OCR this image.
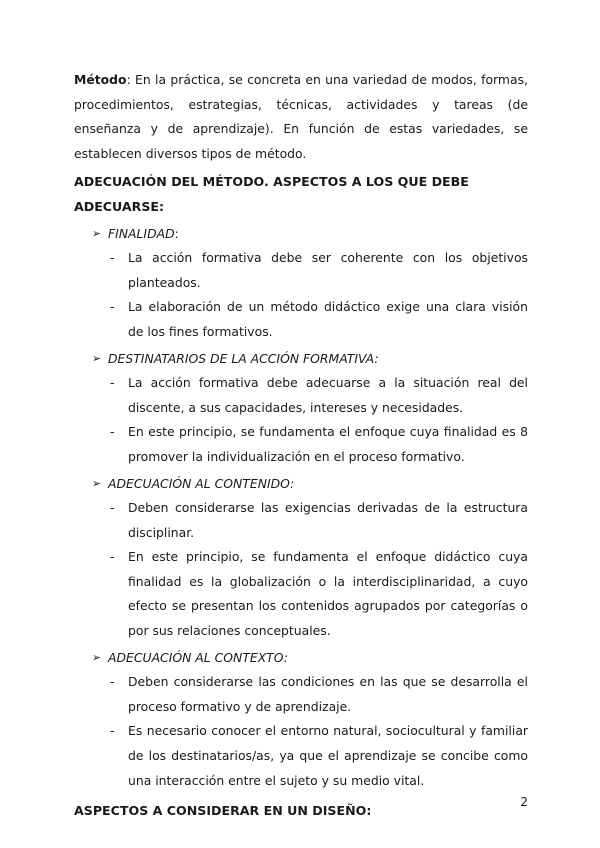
Método: En la práctica, se concreta en una variedad de modos, formas, procedimientos, estrategias, técnicas, actividades y tareas (de enseñanza y de aprendizaje). En función de estas variedades, se establecen diversos tipos de método.

ADECUACIÓN DEL MÉTODO. ASPECTOS A LOS QUE DEBE ADECUARSE:

➢ FINALIDAD:
- La acción formativa debe ser coherente con los objetivos planteados.
- La elaboración de un método didáctico exige una clara visión de los fines formativos.
➢ DESTINATARIOS DE LA ACCIÓN FORMATIVA:
- La acción formativa debe adecuarse a la situación real del discente, a sus capacidades, intereses y necesidades.
- En este principio, se fundamenta el enfoque cuya finalidad es 8 promover la individualización en el proceso formativo.
➢ ADECUACIÓN AL CONTENIDO:
- Deben considerarse las exigencias derivadas de la estructura disciplinar.
- En este principio, se fundamenta el enfoque didáctico cuya finalidad es la globalización o la interdisciplinaridad, a cuyo efecto se presentan los contenidos agrupados por categorías o por sus relaciones conceptuales.
➢ ADECUACIÓN AL CONTEXTO:
- Deben considerarse las condiciones en las que se desarrolla el proceso formativo y de aprendizaje.
- Es necesario conocer el entorno natural, sociocultural y familiar de los destinatarios/as, ya que el aprendizaje se concibe como una interacción entre el sujeto y su medio vital.

ASPECTOS A CONSIDERAR EN UN DISEÑO:

2
